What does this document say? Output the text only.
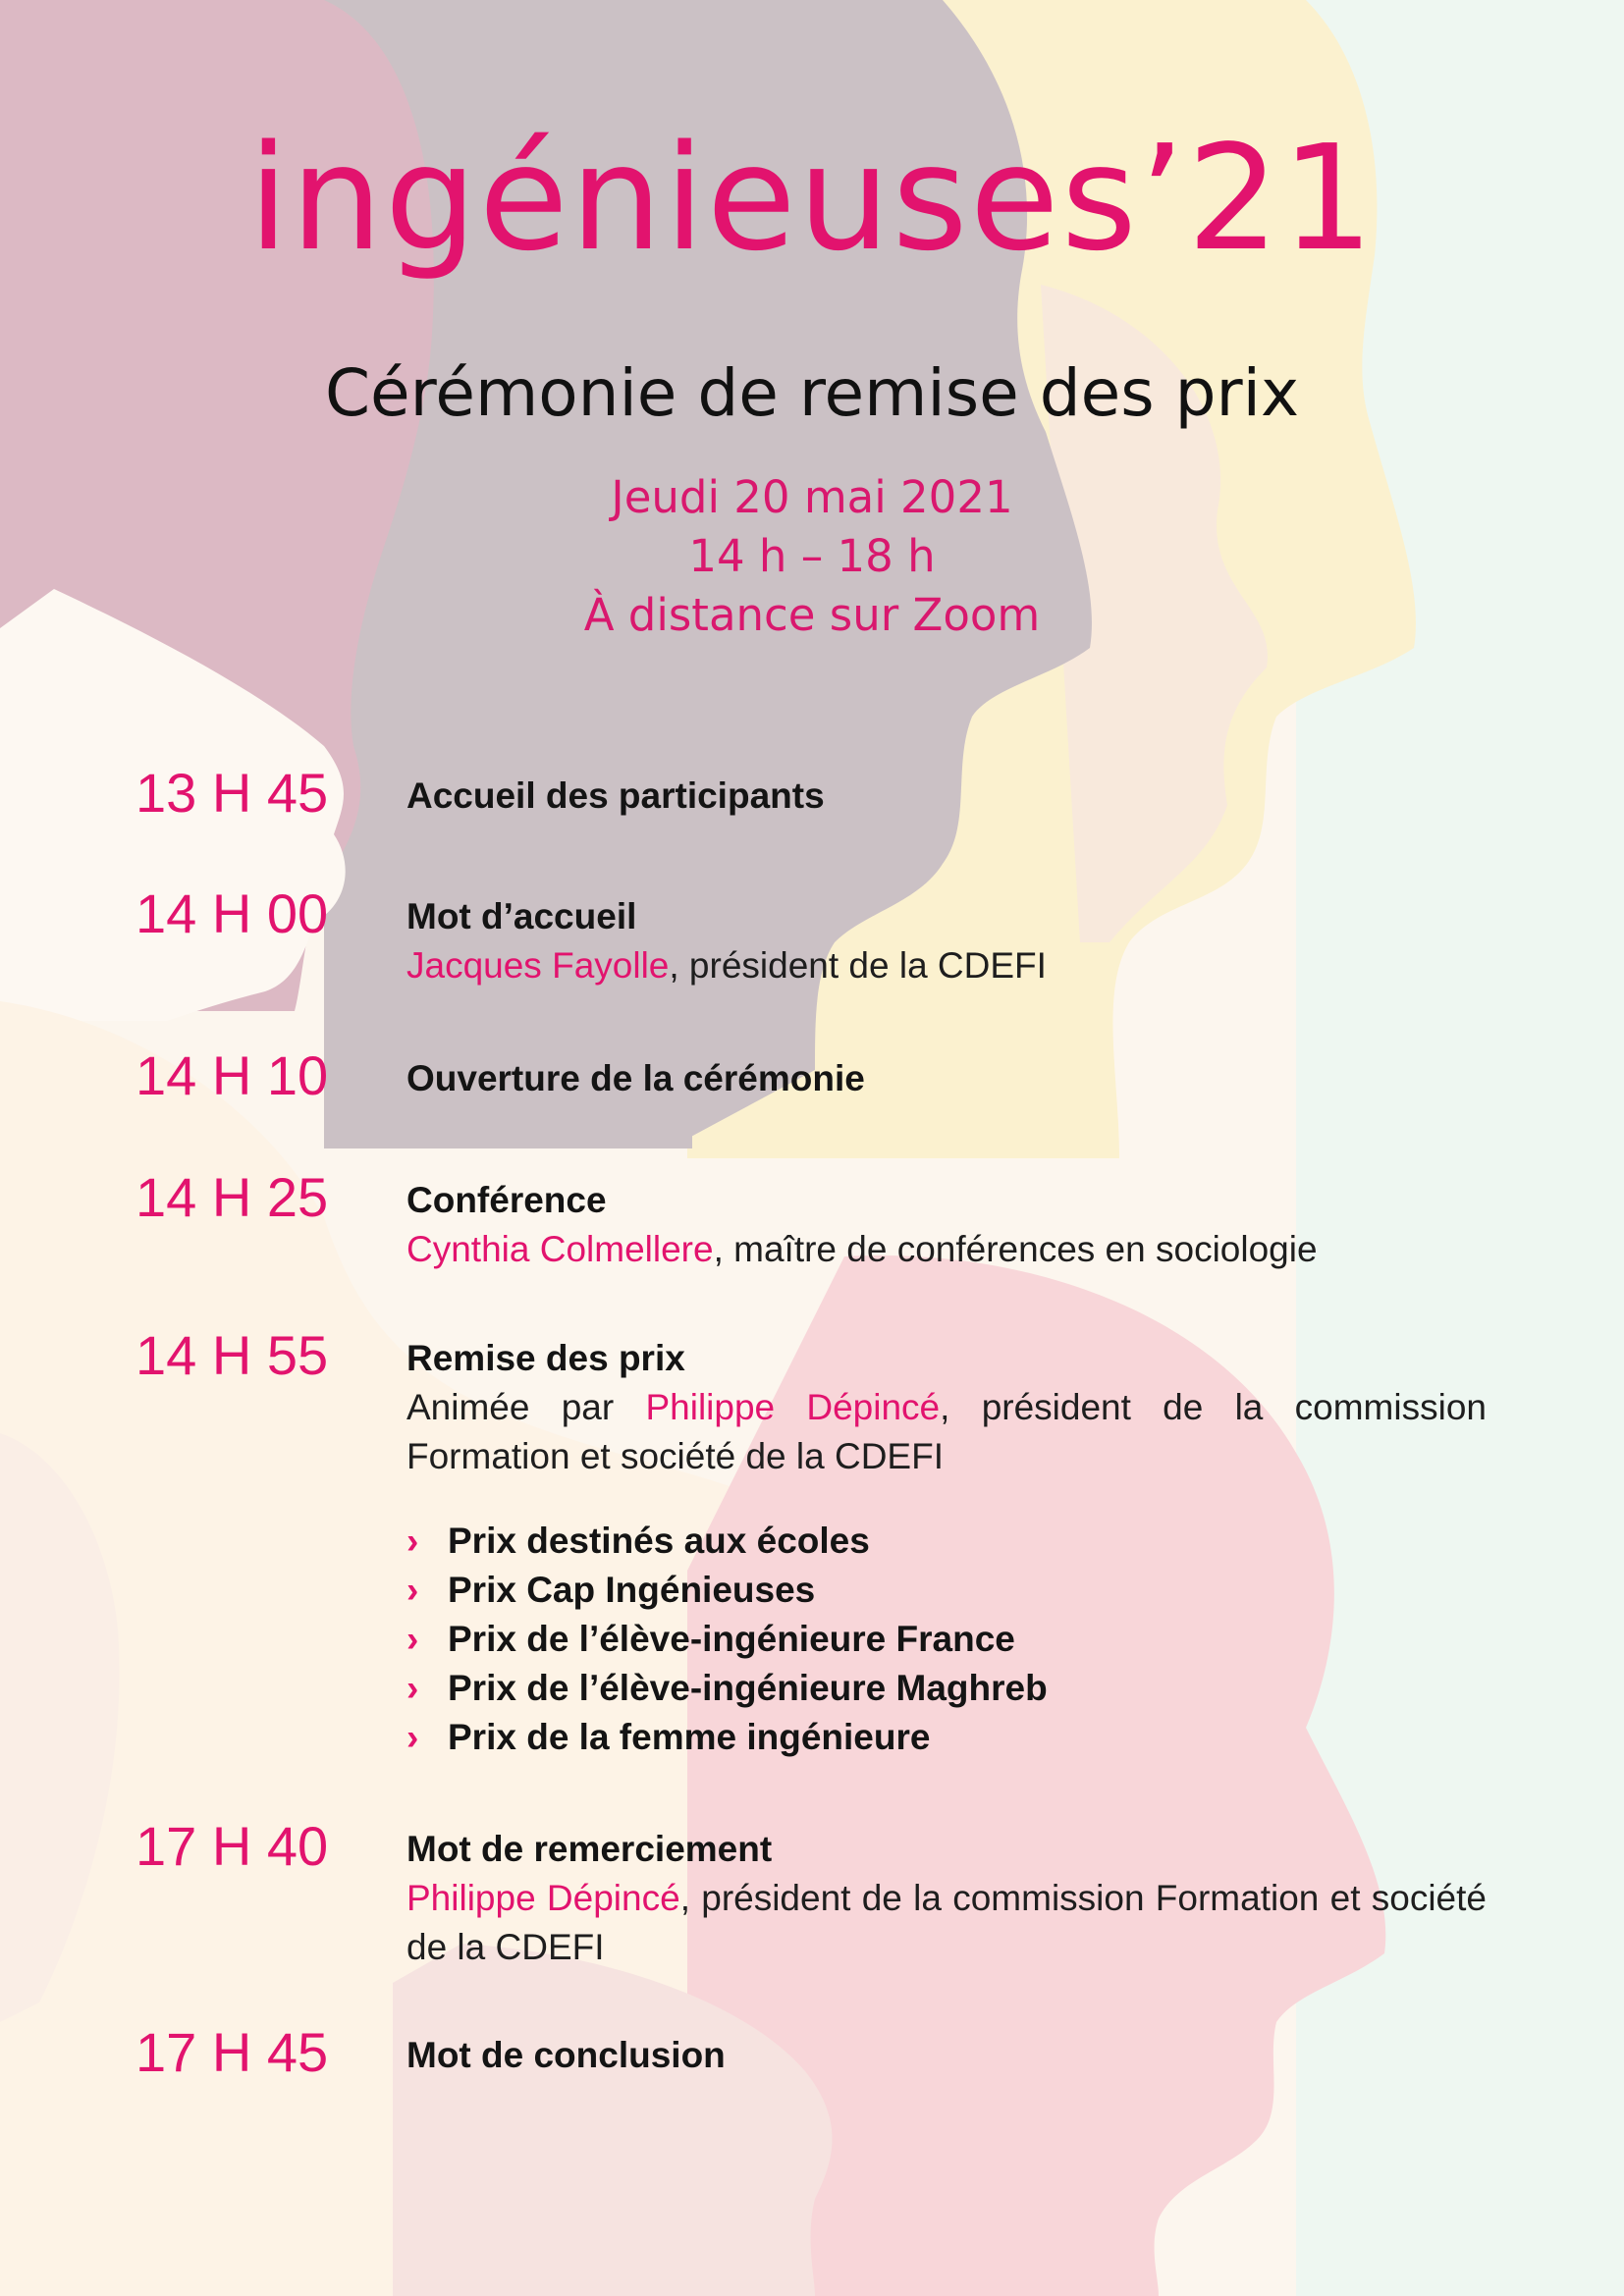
ingénieuses’21
Cérémonie de remise des prix
Jeudi 20 mai 2021
14 h – 18 h
À distance sur Zoom
13 H 45 Accueil des participants
14 H 00 Mot d’accueil
Jacques Fayolle, président de la CDEFI
14 H 10 Ouverture de la cérémonie
14 H 25 Conférence
Cynthia Colmellere, maître de conférences en sociologie
14 H 55 Remise des prix
Animée par Philippe Dépincé, président de la commission Formation et société de la CDEFI
› Prix destinés aux écoles
› Prix Cap Ingénieuses
› Prix de l’élève-ingénieure France
› Prix de l’élève-ingénieure Maghreb
› Prix de la femme ingénieure
17 H 40 Mot de remerciement
Philippe Dépincé, président de la commission Formation et société de la CDEFI
17 H 45 Mot de conclusion
